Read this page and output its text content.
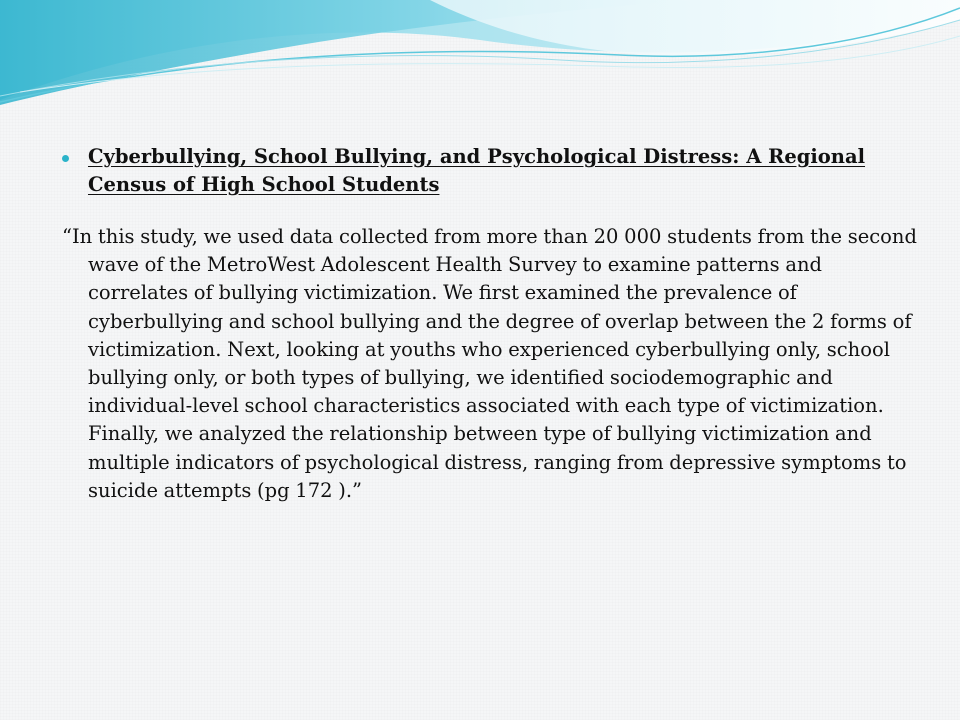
Cyberbullying, School Bullying, and Psychological Distress: A Regional Census of High School Students
“In this study, we used data collected from more than 20 000 students from the second wave of the MetroWest Adolescent Health Survey to examine patterns and correlates of bullying victimization. We first examined the prevalence of cyberbullying and school bullying and the degree of overlap between the 2 forms of victimization. Next, looking at youths who experienced cyberbullying only, school bullying only, or both types of bullying, we identified sociodemographic and individual-level school characteristics associated with each type of victimization. Finally, we analyzed the relationship between type of bullying victimization and multiple indicators of psychological distress, ranging from depressive symptoms to suicide attempts (pg 172 ).”
